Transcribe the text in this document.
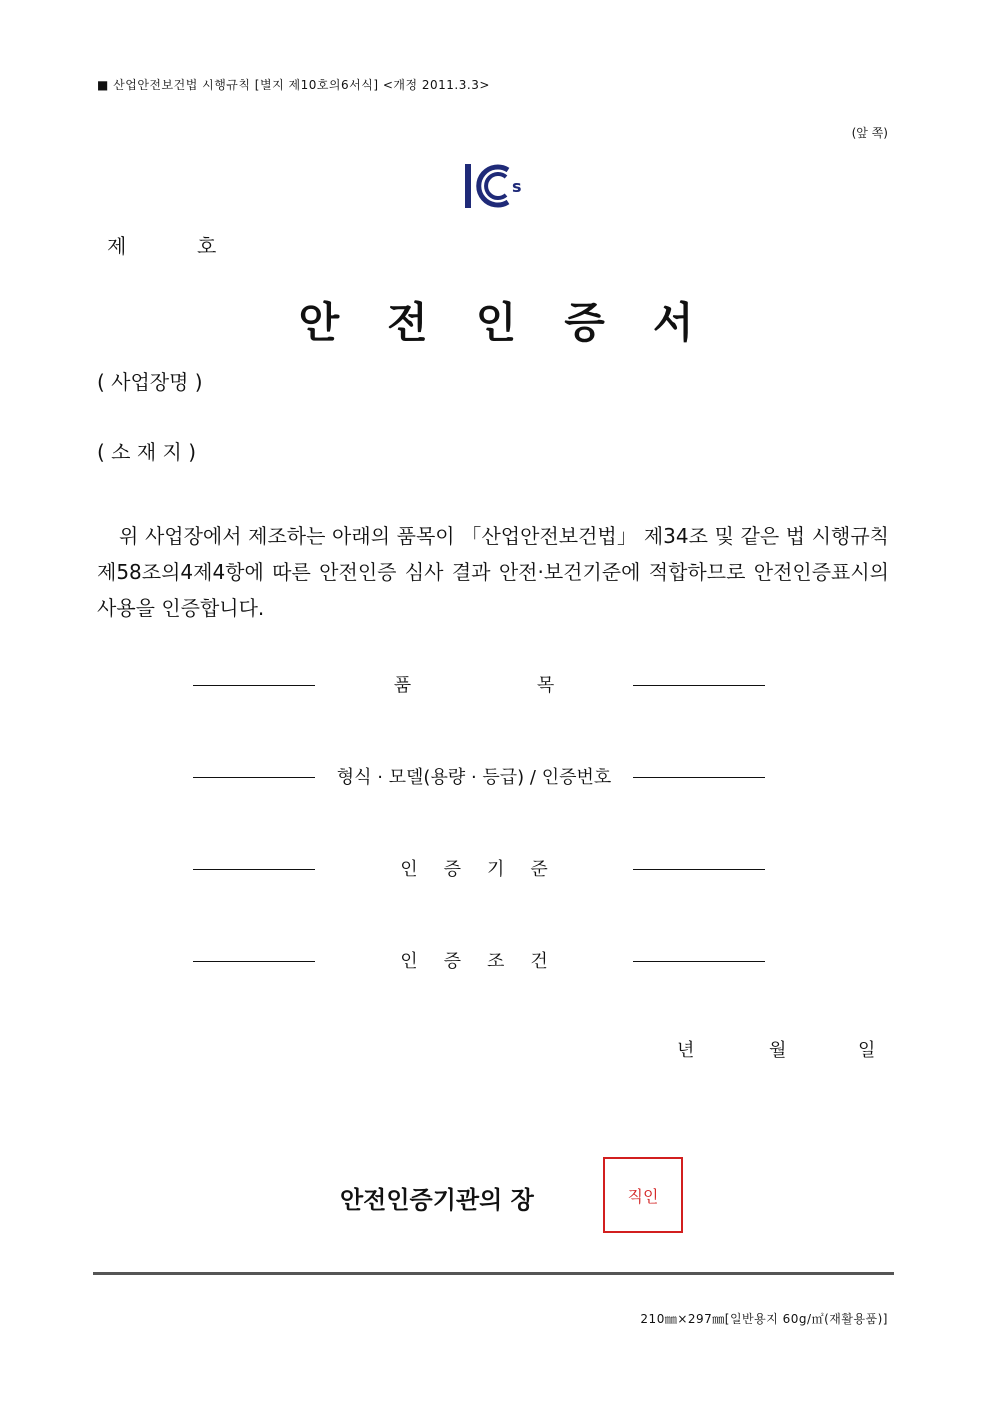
■ 산업안전보건법 시행규칙 [별지 제10호의6서식] <개정 2011.3.3>
(앞 쪽)
s
제	호
안전인증서
( 사업장명 )
( 소 재 지 )
위 사업장에서 제조하는 아래의 품목이 「산업안전보건법」 제34조 및 같은 법 시행규칙 제58조의4제4항에 따른 안전인증 심사 결과 안전·보건기준에 적합하므로 안전인증표시의 사용을 인증합니다.
품 목
형식 · 모델(용량 · 등급) / 인증번호
인증기준
인증조건
년	월	일
안전인증기관의 장	직인
210㎜×297㎜[일반용지 60g/㎡(재활용품)]
